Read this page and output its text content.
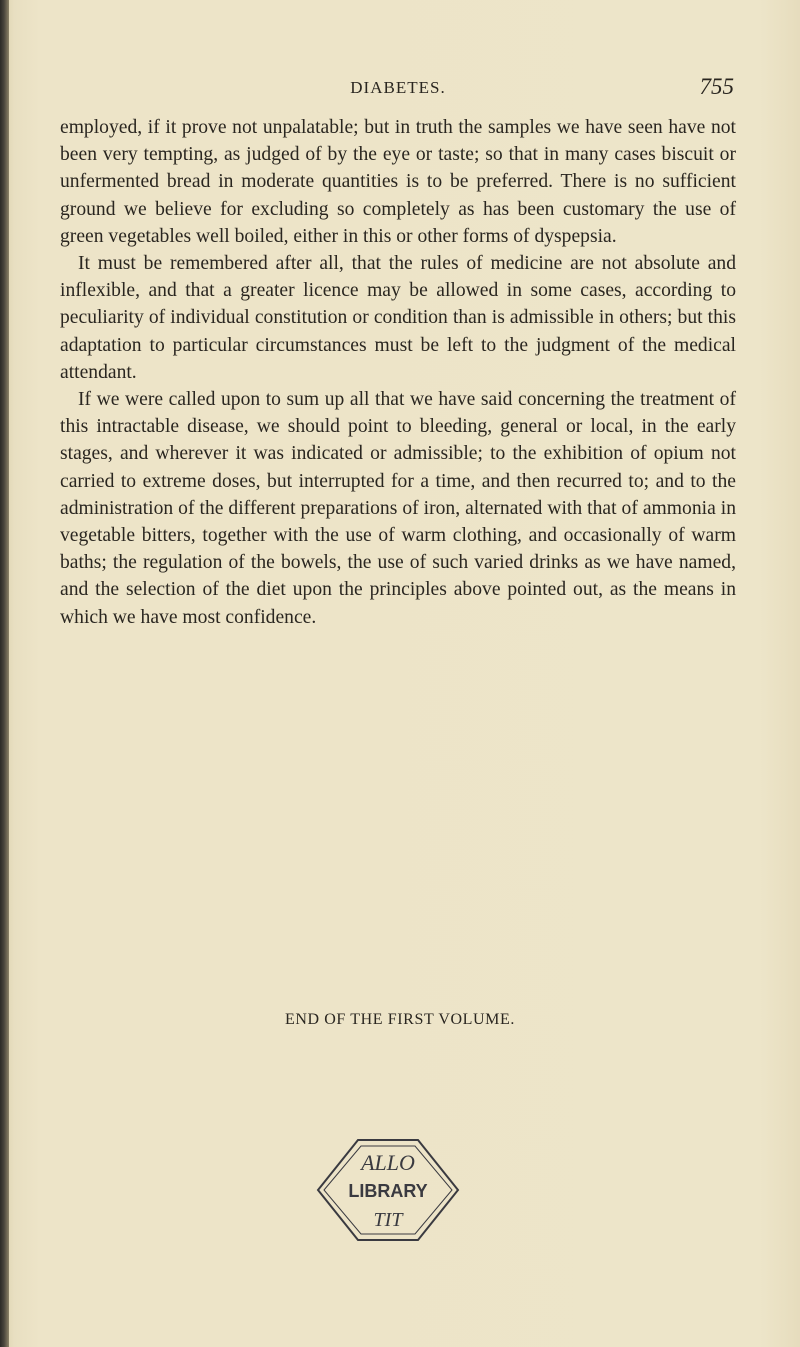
DIABETES.	755

employed, if it prove not unpalatable; but in truth the samples we have seen have not been very tempting, as judged of by the eye or taste; so that in many cases biscuit or unfermented bread in moderate quantities is to be preferred. There is no sufficient ground we believe for excluding so completely as has been customary the use of green vegetables well boiled, either in this or other forms of dyspepsia.

It must be remembered after all, that the rules of medicine are not absolute and inflexible, and that a greater licence may be allowed in some cases, according to peculiarity of individual constitution or condition than is admissible in others; but this adaptation to particular circumstances must be left to the judgment of the medical attendant.

If we were called upon to sum up all that we have said concerning the treatment of this intractable disease, we should point to bleeding, general or local, in the early stages, and wherever it was indicated or admissible; to the exhibition of opium not carried to extreme doses, but interrupted for a time, and then recurred to; and to the administration of the different preparations of iron, alternated with that of ammonia in vegetable bitters, together with the use of warm clothing, and occasionally of warm baths; the regulation of the bowels, the use of such varied drinks as we have named, and the selection of the diet upon the principles above pointed out, as the means in which we have most confidence.

END OF THE FIRST VOLUME.
ALLO
LIBRARY
TIT
